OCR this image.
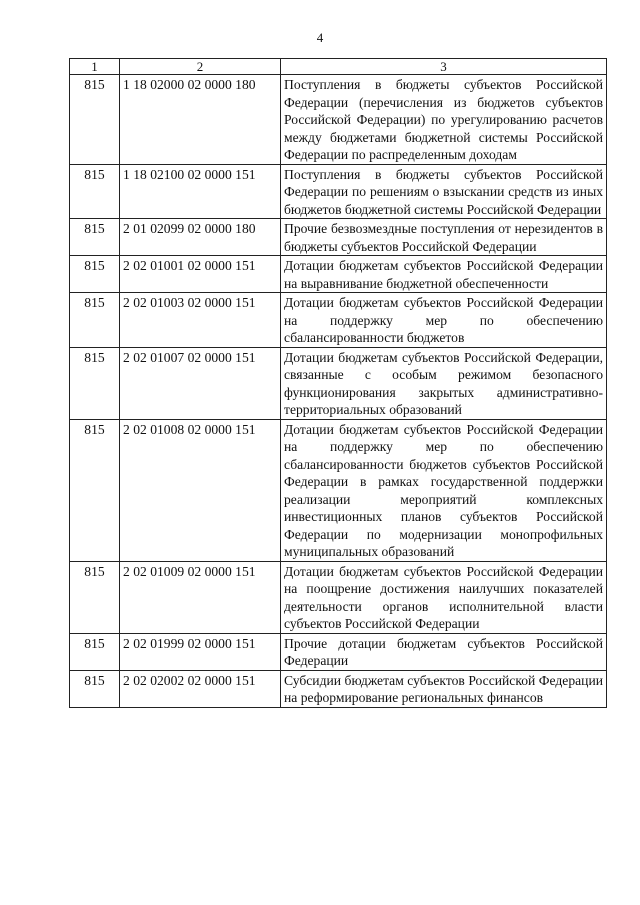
4
1	2	3
815	1 18 02000 02 0000 180	Поступления в бюджеты субъектов Российской Федерации (перечисления из бюджетов субъектов Российской Федерации) по урегулированию расчетов между бюджетами бюджетной системы Российской Федерации по распределенным доходам
815	1 18 02100 02 0000 151	Поступления в бюджеты субъектов Российской Федерации по решениям о взыскании средств из иных бюджетов бюджетной системы Российской Федерации
815	2 01 02099 02 0000 180	Прочие безвозмездные поступления от нерезидентов в бюджеты субъектов Российской Федерации
815	2 02 01001 02 0000 151	Дотации бюджетам субъектов Российской Федерации на выравнивание бюджетной обеспеченности
815	2 02 01003 02 0000 151	Дотации бюджетам субъектов Российской Федерации на поддержку мер по обеспечению сбалансированности бюджетов
815	2 02 01007 02 0000 151	Дотации бюджетам субъектов Российской Федерации, связанные с особым режимом безопасного функционирования закрытых административно-территориальных образований
815	2 02 01008 02 0000 151	Дотации бюджетам субъектов Российской Федерации на поддержку мер по обеспечению сбалансированности бюджетов субъектов Российской Федерации в рамках государственной поддержки реализации мероприятий комплексных инвестиционных планов субъектов Российской Федерации по модернизации монопрофильных муниципальных образований
815	2 02 01009 02 0000 151	Дотации бюджетам субъектов Российской Федерации на поощрение достижения наилучших показателей деятельности органов исполнительной власти субъектов Российской Федерации
815	2 02 01999 02 0000 151	Прочие дотации бюджетам субъектов Российской Федерации
815	2 02 02002 02 0000 151	Субсидии бюджетам субъектов Российской Федерации на реформирование региональных финансов
